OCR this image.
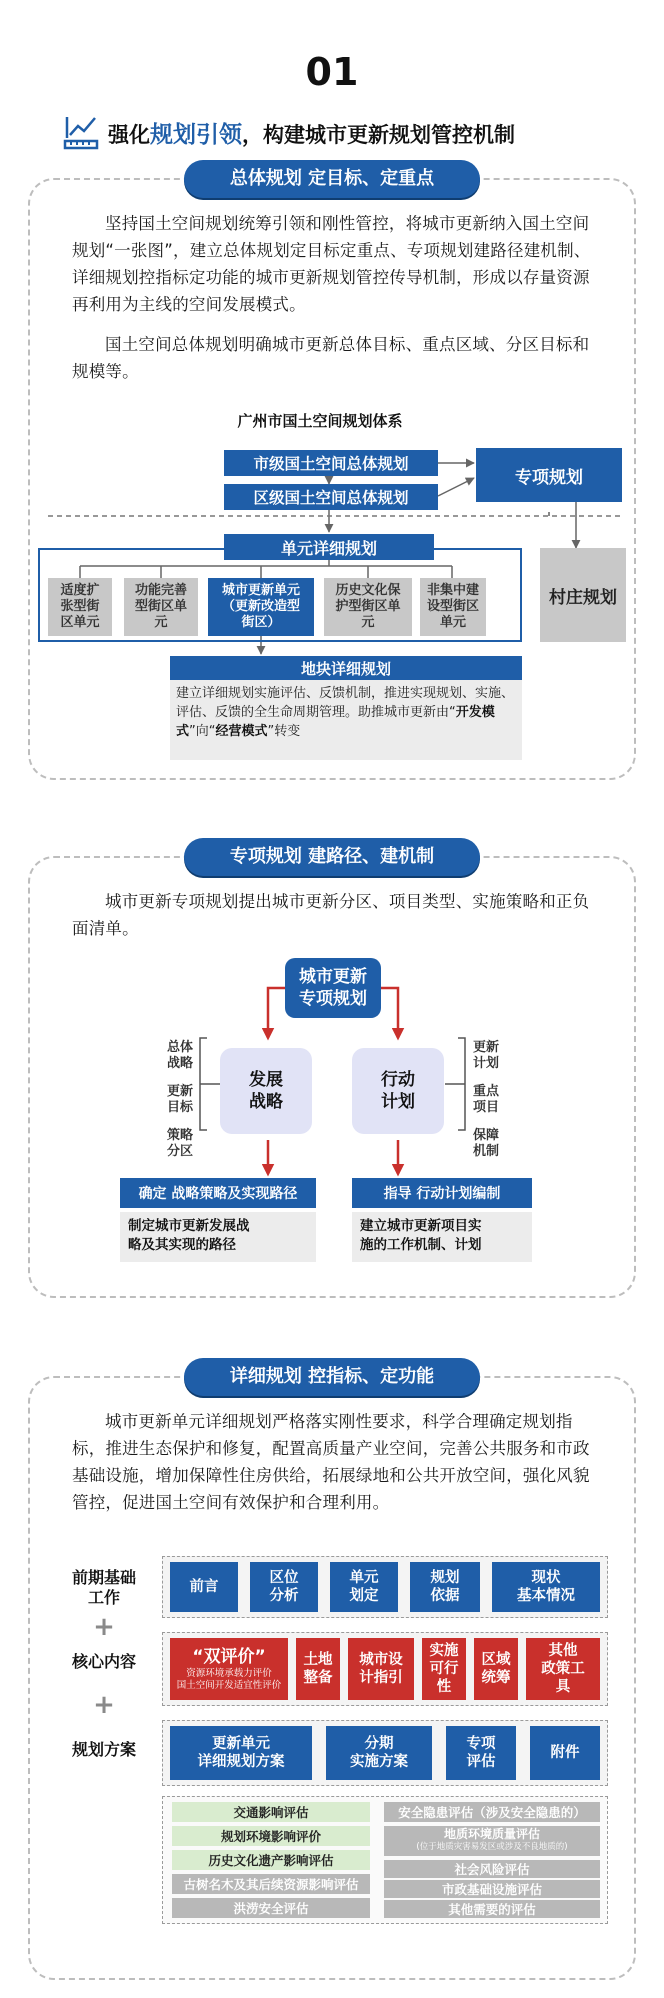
01
强化规划引领，构建城市更新规划管控机制
总体规划 定目标、定重点

坚持国土空间规划统筹引领和刚性管控，将城市更新纳入国土空间规划“一张图”，建立总体规划定目标定重点、专项规划建路径建机制、详细规划控指标定功能的城市更新规划管控传导机制，形成以存量资源再利用为主线的空间发展模式。

国土空间总体规划明确城市更新总体目标、重点区域、分区目标和规模等。

广州市国土空间规划体系
市级国土空间总体规划
区级国土空间总体规划
专项规划
单元详细规划
村庄规划
适度扩
张型街
区单元
功能完善
型街区单
元
城市更新单元
（更新改造型
街区）
历史文化保
护型街区单
元
非集中建
设型街区
单元
地块详细规划
建立详细规划实施评估、反馈机制，推进实现规划、实施、评估、反馈的全生命周期管理。助推城市更新由“开发模式”向“经营模式”转变
专项规划 建路径、建机制

城市更新专项规划提出城市更新分区、项目类型、实施策略和正负面清单。

城市更新
专项规划
发展
战略
行动
计划
总体
战略
更新
目标
策略
分区
更新
计划
重点
项目
保障
机制
确定 战略策略及实现路径	指导 行动计划编制
制定城市更新发展战
略及其实现的路径
建立城市更新项目实
施的工作机制、计划
详细规划 控指标、定功能

城市更新单元详细规划严格落实刚性要求，科学合理确定规划指标，推进生态保护和修复，配置高质量产业空间，完善公共服务和市政基础设施，增加保障性住房供给，拓展绿地和公共开放空间，强化风貌管控，促进国土空间有效保护和合理利用。

前期基础
工作
+
核心内容
+
规划方案
前言
区位
分析
单元
划定
规划
依据
现状
基本情况
“双评价”
资源环境承载力评价
国土空间开发适宜性评价
土地
整备
城市设
计指引
实施
可行
性
区域
统筹
其他
政策工
具
更新单元
详细规划方案
分期
实施方案
专项
评估
附件
交通影响评估
规划环境影响评价
历史文化遗产影响评估
古树名木及其后续资源影响评估
洪涝安全评估
安全隐患评估（涉及安全隐患的）
地质环境质量评估
(位于地质灾害易发区或涉及不良地质的)
社会风险评估
市政基础设施评估
其他需要的评估
